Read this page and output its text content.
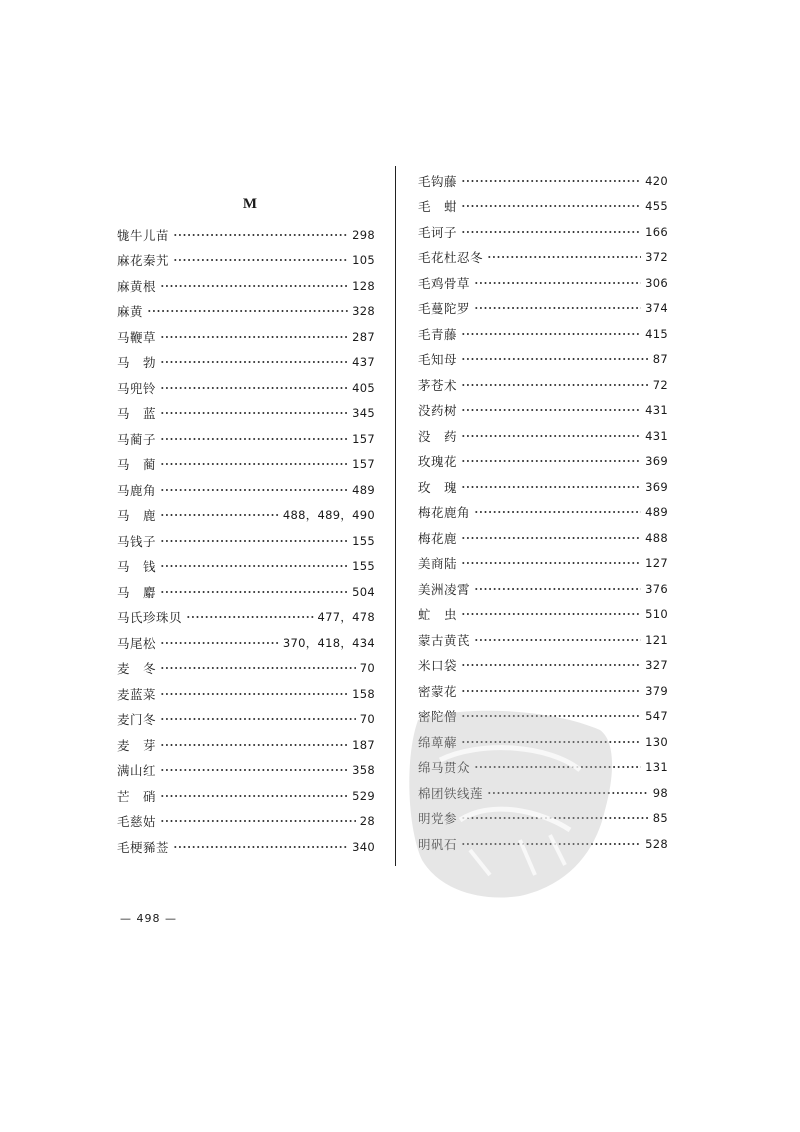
M
牻牛儿苗	298
麻花秦艽	105
麻黄根	128
麻黄	328
马鞭草	287
马　勃	437
马兜铃	405
马　蓝	345
马蔺子	157
马　蔺	157
马鹿角	489
马　鹿	488，489，490
马钱子	155
马　钱	155
马　麝	504
马氏珍珠贝	477，478
马尾松	370，418，434
麦　冬	70
麦蓝菜	158
麦门冬	70
麦　芽	187
满山红	358
芒　硝	529
毛慈姑	28
毛梗豨莶	340
毛钩藤	420
毛　蚶	455
毛诃子	166
毛花杜忍冬	372
毛鸡骨草	306
毛蔓陀罗	374
毛青藤	415
毛知母	87
茅苍术	72
没药树	431
没　药	431
玫瑰花	369
玫　瑰	369
梅花鹿角	489
梅花鹿	488
美商陆	127
美洲凌霄	376
虻　虫	510
蒙古黄芪	121
米口袋	327
密蒙花	379
密陀僧	547
绵萆薢	130
绵马贯众	131
棉团铁线莲	98
明党参	85
明矾石	528
— 498 —
